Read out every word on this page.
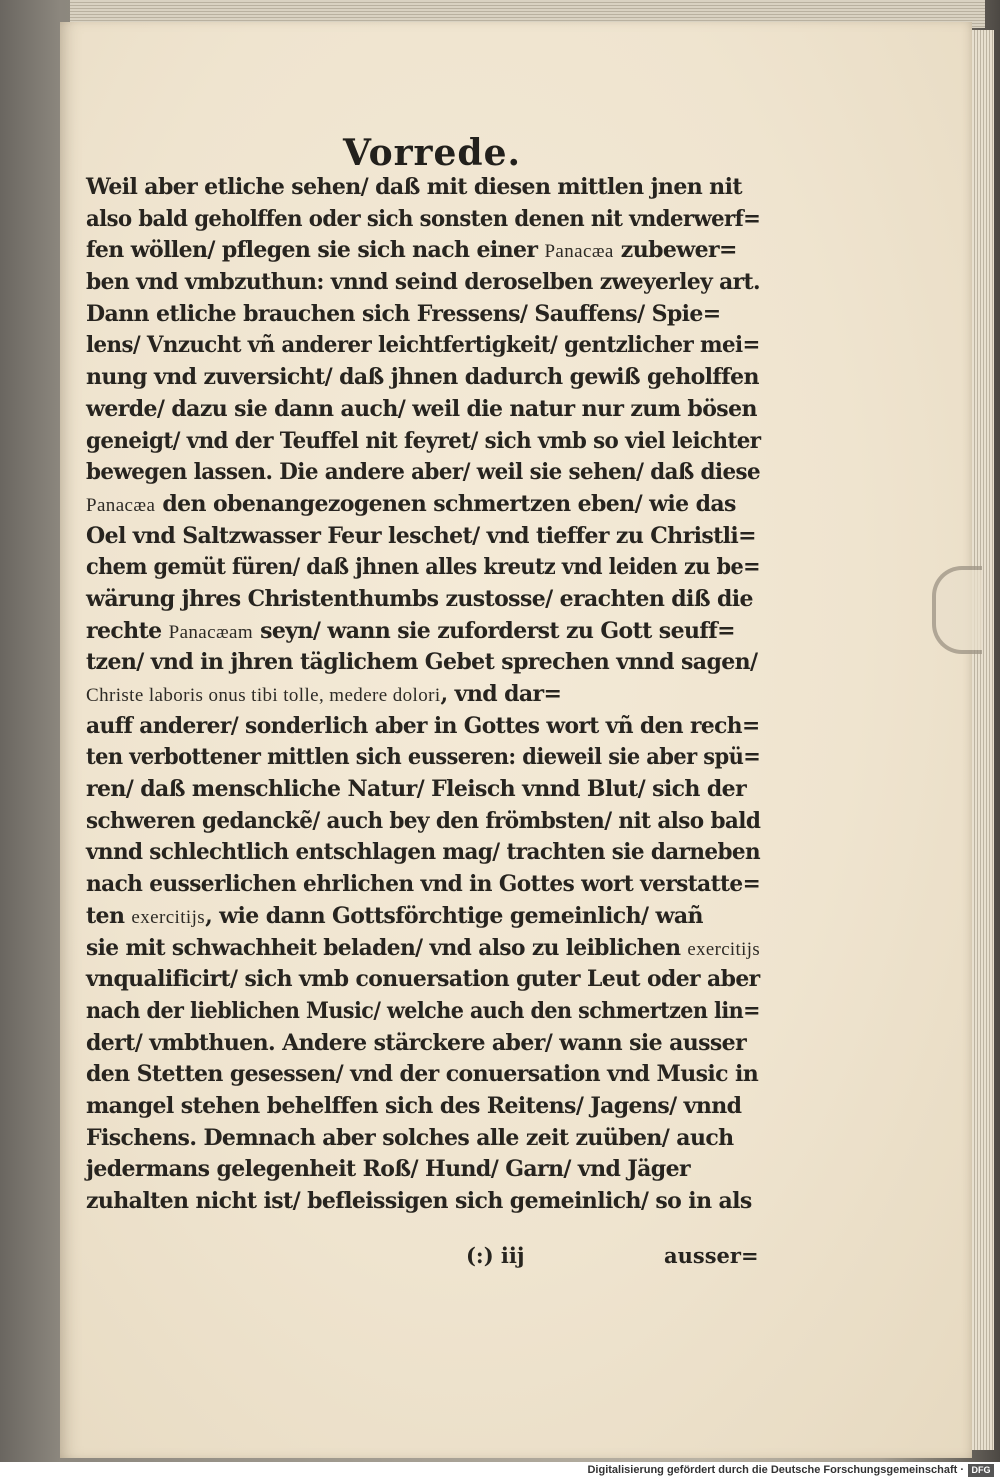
Vorrede.
Weil aber etliche sehen/ daß mit diesen mittlen jnen nit
also bald geholffen oder sich sonsten denen nit vnderwerf=
fen wöllen/ pflegen sie sich nach einer Panacæa zubewer=
ben vnd vmbzuthun: vnnd seind deroselben zweyerley art.
Dann etliche brauchen sich Fressens/ Sauffens/ Spie=
lens/ Vnzucht vñ anderer leichtfertigkeit/ gentzlicher mei=
nung vnd zuversicht/ daß jhnen dadurch gewiß geholffen
werde/ dazu sie dann auch/ weil die natur nur zum bösen
geneigt/ vnd der Teuffel nit feyret/ sich vmb so viel leichter
bewegen lassen. Die andere aber/ weil sie sehen/ daß diese
Panacæa den obenangezogenen schmertzen eben/ wie das
Oel vnd Saltzwasser Feur leschet/ vnd tieffer zu Christli=
chem gemüt füren/ daß jhnen alles kreutz vnd leiden zu be=
wärung jhres Christenthumbs zustosse/ erachten diß die
rechte Panacæam seyn/ wann sie zuforderst zu Gott seuff=
tzen/ vnd in jhren täglichem Gebet sprechen vnnd sagen/
Christe laboris onus tibi tolle, medere dolori, vnd dar=
auff anderer/ sonderlich aber in Gottes wort vñ den rech=
ten verbottener mittlen sich eusseren: dieweil sie aber spü=
ren/ daß menschliche Natur/ Fleisch vnnd Blut/ sich der
schweren gedanckẽ/ auch bey den frömbsten/ nit also bald
vnnd schlechtlich entschlagen mag/ trachten sie darneben
nach eusserlichen ehrlichen vnd in Gottes wort verstatte=
ten exercitijs, wie dann Gottsförchtige gemeinlich/ wañ
sie mit schwachheit beladen/ vnd also zu leiblichen exercitijs
vnqualificirt/ sich vmb conuersation guter Leut oder aber
nach der lieblichen Music/ welche auch den schmertzen lin=
dert/ vmbthuen. Andere stärckere aber/ wann sie ausser
den Stetten gesessen/ vnd der conuersation vnd Music in
mangel stehen behelffen sich des Reitens/ Jagens/ vnnd
Fischens. Demnach aber solches alle zeit zuüben/ auch
jedermans gelegenheit Roß/ Hund/ Garn/ vnd Jäger
zuhalten nicht ist/ befleissigen sich gemeinlich/ so in als
(:) iij	ausser=
Digitalisierung gefördert durch die Deutsche Forschungsgemeinschaft · DFG
